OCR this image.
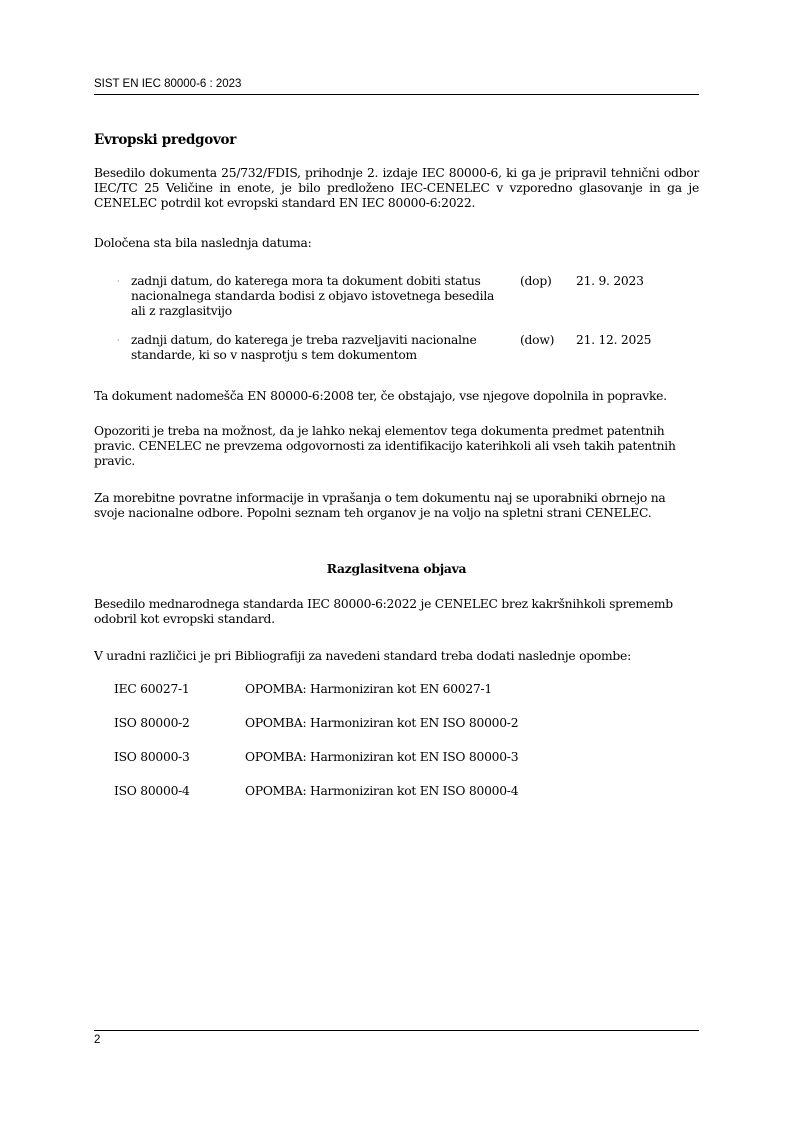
SIST EN IEC 80000-6 : 2023
Evropski predgovor

Besedilo dokumenta 25/732/FDIS, prihodnje 2. izdaje IEC 80000-6, ki ga je pripravil tehnični odbor IEC/TC 25 Veličine in enote, je bilo predloženo IEC-CENELEC v vzporedno glasovanje in ga je CENELEC potrdil kot evropski standard EN IEC 80000-6:2022.

Določena sta bila naslednja datuma:

· zadnji datum, do katerega mora ta dokument dobiti status nacionalnega standarda bodisi z objavo istovetnega besedila ali z razglasitvijo
(dop) 21. 9. 2023
· zadnji datum, do katerega je treba razveljaviti nacionalne standarde, ki so v nasprotju s tem dokumentom
(dow) 21. 12. 2025

Ta dokument nadomešča EN 80000-6:2008 ter, če obstajajo, vse njegove dopolnila in popravke.

Opozoriti je treba na možnost, da je lahko nekaj elementov tega dokumenta predmet patentnih pravic. CENELEC ne prevzema odgovornosti za identifikacijo katerihkoli ali vseh takih patentnih pravic.

Za morebitne povratne informacije in vprašanja o tem dokumentu naj se uporabniki obrnejo na svoje nacionalne odbore. Popolni seznam teh organov je na voljo na spletni strani CENELEC.

Razglasitvena objava

Besedilo mednarodnega standarda IEC 80000-6:2022 je CENELEC brez kakršnihkoli sprememb odobril kot evropski standard.

V uradni različici je pri Bibliografiji za navedeni standard treba dodati naslednje opombe:

IEC 60027-1	OPOMBA: Harmoniziran kot EN 60027-1
ISO 80000-2	OPOMBA: Harmoniziran kot EN ISO 80000-2
ISO 80000-3	OPOMBA: Harmoniziran kot EN ISO 80000-3
ISO 80000-4	OPOMBA: Harmoniziran kot EN ISO 80000-4
2
